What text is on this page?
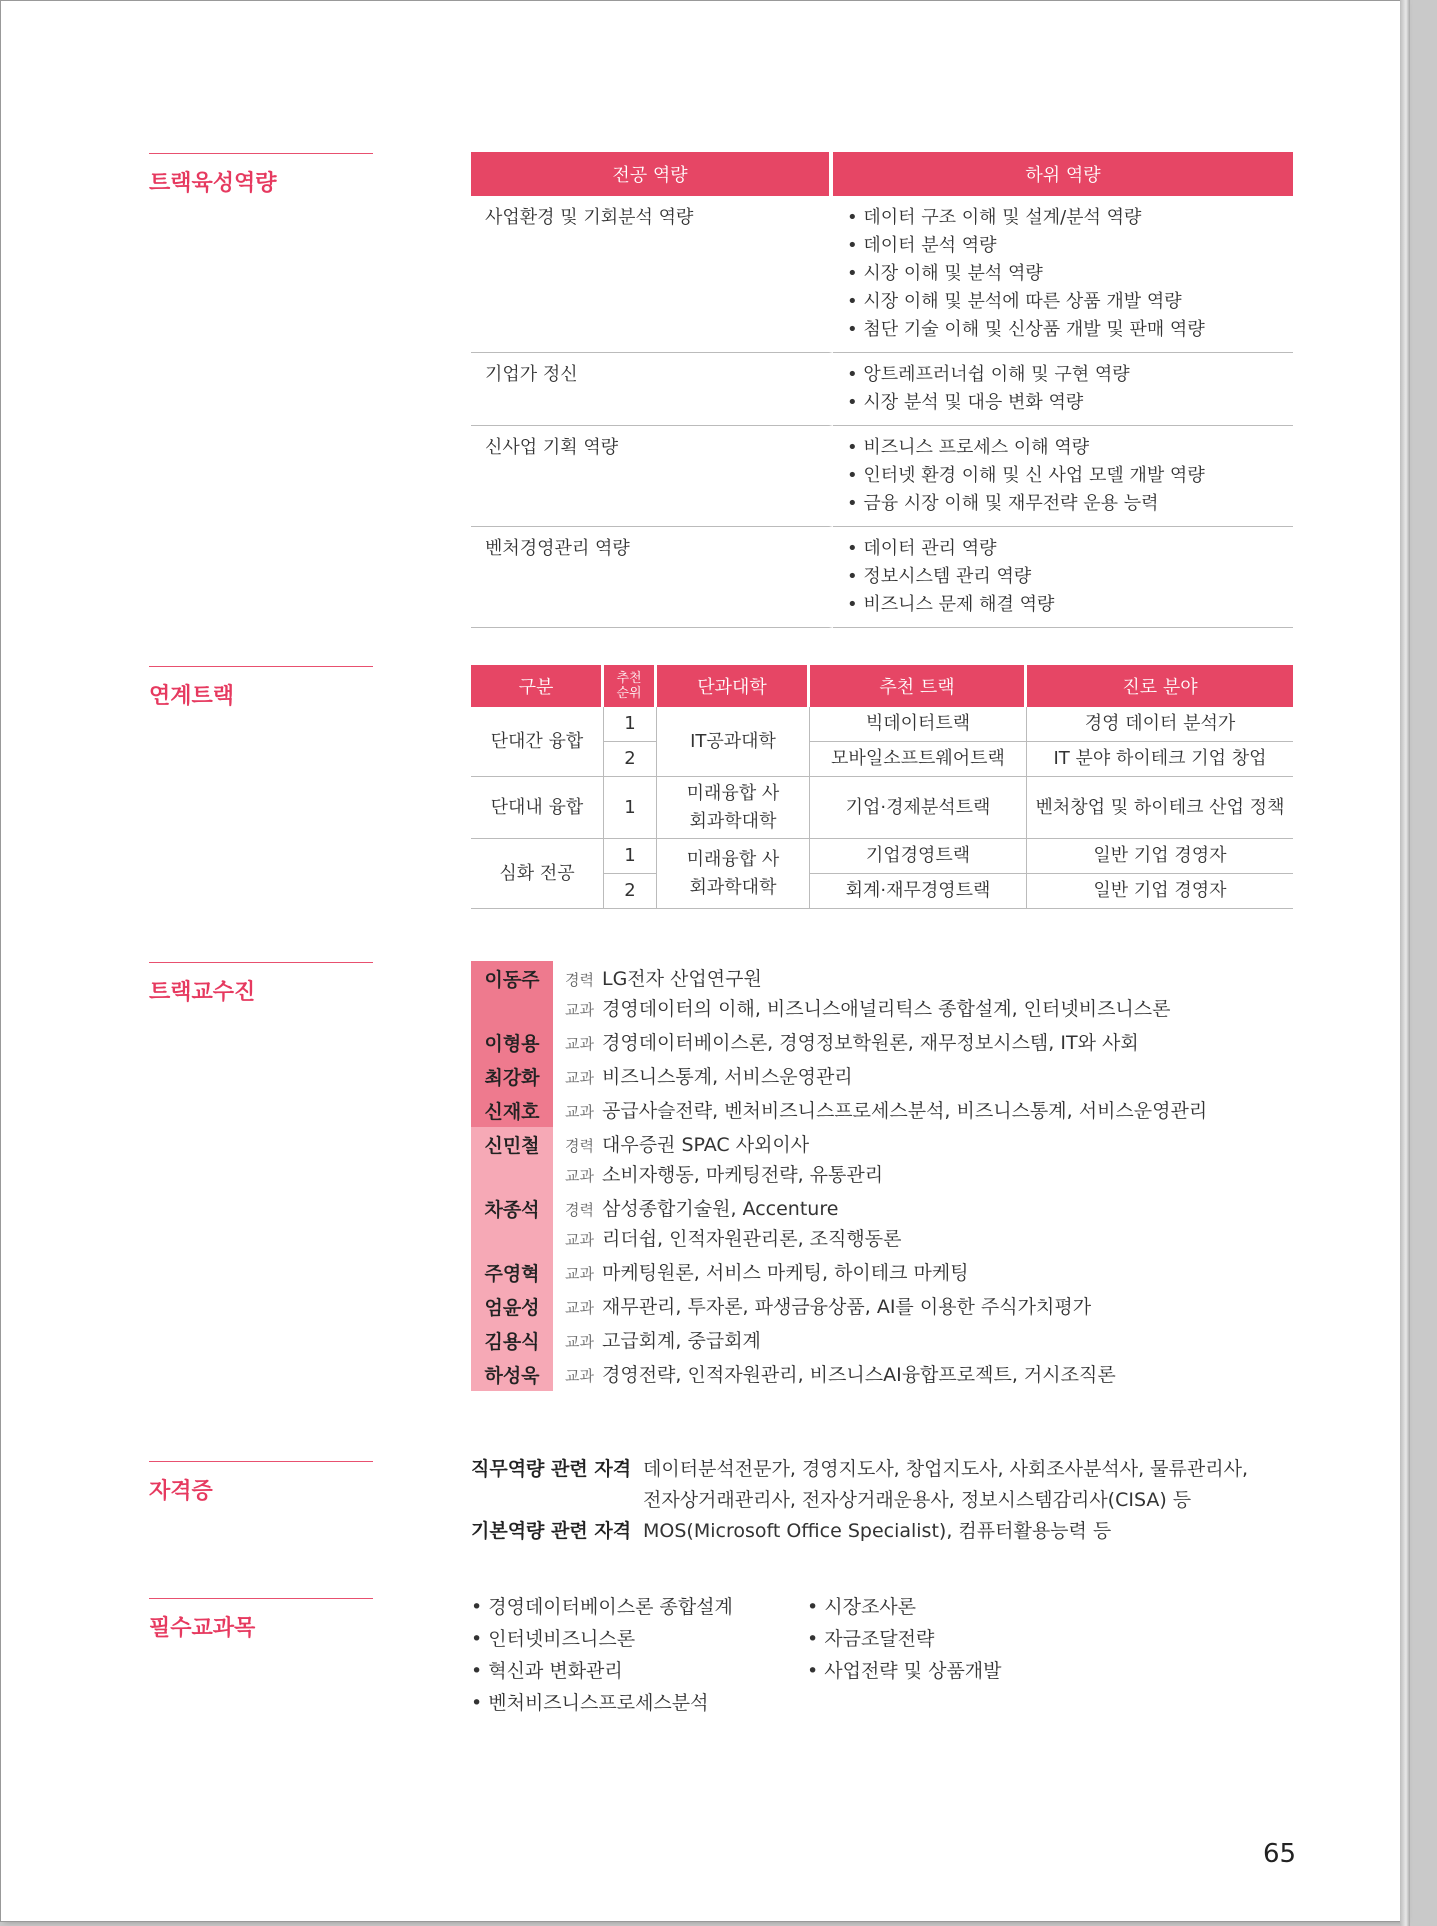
트랙육성역량
연계트랙
트랙교수진
자격증
필수교과목
전공 역량	하위 역량
사업환경 및 기회분석 역량	• 데이터 구조 이해 및 설계/분석 역량
• 데이터 분석 역량
• 시장 이해 및 분석 역량
• 시장 이해 및 분석에 따른 상품 개발 역량
• 첨단 기술 이해 및 신상품 개발 및 판매 역량

기업가 정신	• 앙트레프러너쉽 이해 및 구현 역량
• 시장 분석 및 대응 변화 역량

신사업 기획 역량	• 비즈니스 프로세스 이해 역량
• 인터넷 환경 이해 및 신 사업 모델 개발 역량
• 금융 시장 이해 및 재무전략 운용 능력

벤처경영관리 역량	• 데이터 관리 역량
• 정보시스템 관리 역량
• 비즈니스 문제 해결 역량
구분	추천 순위	단과대학	추천 트랙	진로 분야
단대간 융합	1	IT공과대학	빅데이터트랙	경영 데이터 분석가
	2		모바일소프트웨어트랙	IT 분야 하이테크 기업 창업
단대내 융합	1	미래융합 사회과학대학	기업·경제분석트랙	벤처창업 및 하이테크 산업 정책
심화 전공	1	미래융합 사회과학대학	기업경영트랙	일반 기업 경영자
	2		회계·재무경영트랙	일반 기업 경영자
이동주	경력 LG전자 산업연구원
교과 경영데이터의 이해, 비즈니스애널리틱스 종합설계, 인터넷비즈니스론
이형용	교과 경영데이터베이스론, 경영정보학원론, 재무정보시스템, IT와 사회
최강화	교과 비즈니스통계, 서비스운영관리
신재호	교과 공급사슬전략, 벤처비즈니스프로세스분석, 비즈니스통계, 서비스운영관리
신민철	경력 대우증권 SPAC 사외이사
교과 소비자행동, 마케팅전략, 유통관리
차종석	경력 삼성종합기술원, Accenture
교과 리더쉽, 인적자원관리론, 조직행동론
주영혁	교과 마케팅원론, 서비스 마케팅, 하이테크 마케팅
엄윤성	교과 재무관리, 투자론, 파생금융상품, AI를 이용한 주식가치평가
김용식	교과 고급회계, 중급회계
하성욱	교과 경영전략, 인적자원관리, 비즈니스AI융합프로젝트, 거시조직론
직무역량 관련 자격 데이터분석전문가, 경영지도사, 창업지도사, 사회조사분석사, 물류관리사,
전자상거래관리사, 전자상거래운용사, 정보시스템감리사(CISA) 등
기본역량 관련 자격 MOS(Microsoft Office Specialist), 컴퓨터활용능력 등
• 경영데이터베이스론 종합설계
• 인터넷비즈니스론
• 혁신과 변화관리
• 벤처비즈니스프로세스분석
• 시장조사론
• 자금조달전략
• 사업전략 및 상품개발
65
